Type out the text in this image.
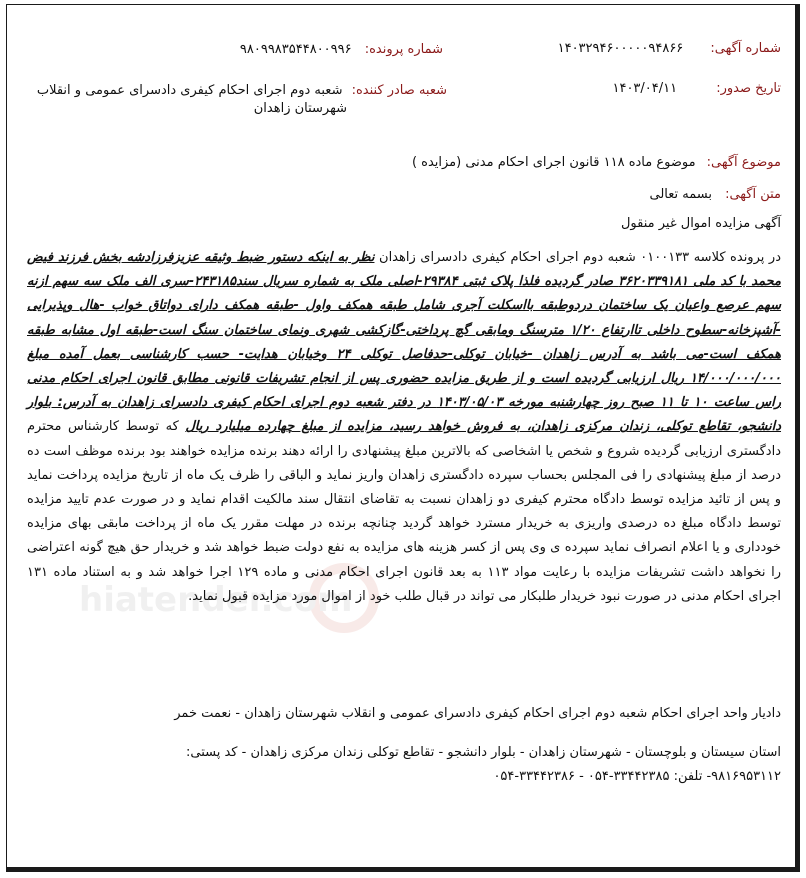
شماره آگهی: ۱۴۰۳۲۹۴۶۰۰۰۰۰۹۴۸۶۶
شماره پرونده: ۹۸۰۹۹۸۳۵۴۴۸۰۰۹۹۶
تاریخ صدور: ۱۴۰۳/۰۴/۱۱
شعبه صادر کننده: شعبه دوم اجرای احکام کیفری دادسرای عمومی و انقلاب
شهرستان زاهدان
موضوع آگهی: موضوع ماده ۱۱۸ قانون اجرای احکام مدنی (مزایده )
متن آگهی: بسمه تعالی
آگهی مزایده اموال غیر منقول
hiatender.com
در پرونده کلاسه ۰۱۰۰۱۳۳ شعبه دوم اجرای احکام کیفری دادسرای زاهدان نظر به اینکه دستور ضبط وثیقه عزیزفرزادشه بخش فرزند فیض محمد با کد ملی ۳۶۲۰۳۳۹۱۸۱ صادر گردیده فلذا پلاک ثبتی ۲۹۳۸۴-اصلی ملک به شماره سریال سند۲۴۳۱۸۵-سری الف ملک سه سهم ازنه سهم عرصع واعیان یک ساختمان دردوطبقه بااسکلت آجری شامل طبقه همکف واول -طبقه همکف دارای دواتاق خواب -هال وپذیرایی -آشپزخانه-سطوح داخلی تاارتفاع ۱/۲۰ مترسنگ ومابقی گچ پرداختی-گازکشی شهری ونمای ساختمان سنگ است-طبقه اول مشابه طبقه همکف است-می باشد به آدرس زاهدان -خیابان توکلی-حدفاصل توکلی ۲۴ وخیابان هدایت- حسب کارشناسی بعمل آمده مبلغ ۱۴/۰۰۰/۰۰۰/۰۰۰ ریال ارزیابی گردیده است و از طریق مزایده حضوری پس از انجام تشریفات قانونی مطابق قانون اجرای احکام مدنی راس ساعت ۱۰ تا ۱۱ صبح روز چهارشنبه مورخه ۱۴۰۳/۰۵/۰۳ در دفتر شعبه دوم اجرای احکام کیفری دادسرای زاهدان به آدرس: بلوار دانشجو، تقاطع توکلی، زندان مرکزی زاهدان، به فروش خواهد رسید، مزایده از مبلغ چهارده میلیارد ریال که توسط کارشناس محترم دادگستری ارزیابی گردیده شروع و شخص یا اشخاصی که بالاترین مبلغ پیشنهادی را ارائه دهند برنده مزایده خواهند بود برنده موظف است ده درصد از مبلغ پیشنهادی را فی المجلس بحساب سپرده دادگستری زاهدان واریز نماید و الباقی را ظرف یک ماه از تاریخ مزایده پرداخت نماید و پس از تائید مزایده توسط دادگاه محترم کیفری دو زاهدان نسبت به تقاضای انتقال سند مالکیت اقدام نماید و در صورت عدم تایید مزایده توسط دادگاه مبلغ ده درصدی واریزی به خریدار مسترد خواهد گردید چنانچه برنده در مهلت مقرر یک ماه از پرداخت مابقی بهای مزایده خودداری و یا اعلام انصراف نماید سپرده ی وی پس از کسر هزینه های مزایده به نفع دولت ضبط خواهد شد و خریدار حق هیچ گونه اعتراضی را نخواهد داشت تشریفات مزایده با رعایت مواد ۱۱۳ به بعد قانون اجرای احکام مدنی و ماده ۱۲۹ اجرا خواهد شد و به استناد ماده ۱۳۱ اجرای احکام مدنی در صورت نبود خریدار طلبکار می تواند در قبال طلب خود از اموال مورد مزایده قبول نماید.
دادیار واحد اجرای احکام شعبه دوم اجرای احکام کیفری دادسرای عمومی و انقلاب شهرستان زاهدان - نعمت خمر
استان سیستان و بلوچستان - شهرستان زاهدان - بلوار دانشجو - تقاطع توکلی زندان مرکزی زاهدان - کد پستی:
۹۸۱۶۹۵۳۱۱۲- تلفن: ۳۳۴۴۲۳۸۵-۰۵۴ - ۳۳۴۴۲۳۸۶-۰۵۴
